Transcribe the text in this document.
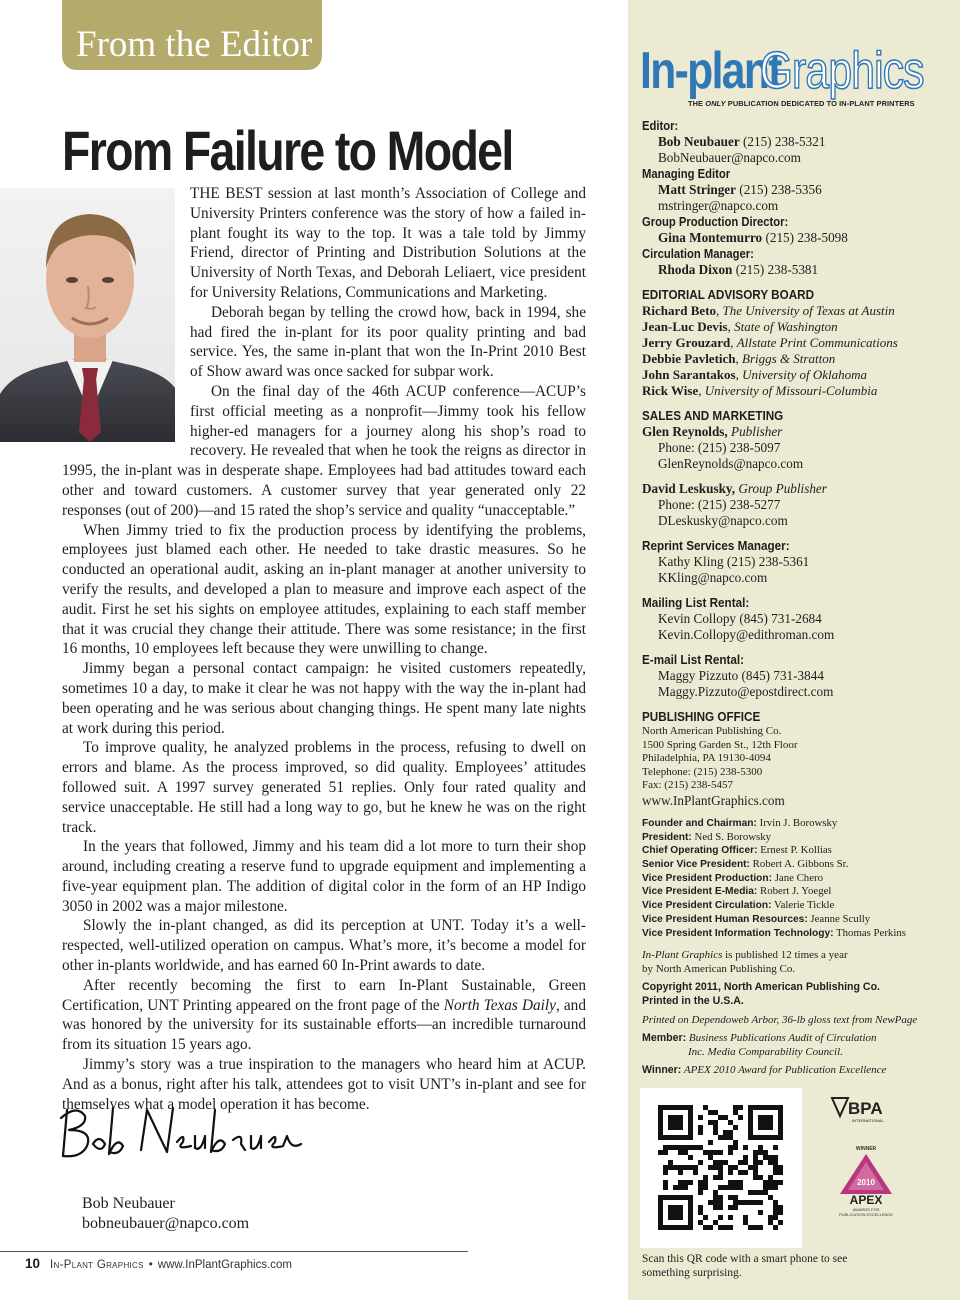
From the Editor
From Failure to Model

THE BEST session at last month’s Association of College and University Printers conference was the story of how a failed in-plant fought its way to the top. It was a tale told by Jimmy Friend, director of Printing and Distribution Solutions at the University of North Texas, and Deborah Leliaert, vice president for University Relations, Communications and Marketing.

Deborah began by telling the crowd how, back in 1994, she had fired the in-plant for its poor quality printing and bad service. Yes, the same in-plant that won the In-Print 2010 Best of Show award was once sacked for subpar work.

On the final day of the 46th ACUP conference—ACUP’s first official meeting as a nonprofit—Jimmy took his fellow higher-ed managers for a journey along his shop’s road to recovery. He revealed that when he took the reigns as director in 1995, the in-plant was in desperate shape. Employees had bad attitudes toward each other and toward customers. A customer survey that year generated only 22 responses (out of 200)—and 15 rated the shop’s service and quality “unacceptable.”

When Jimmy tried to fix the production process by identifying the problems, employees just blamed each other. He needed to take drastic measures. So he conducted an operational audit, asking an in-plant manager at another university to verify the results, and developed a plan to measure and improve each aspect of the audit. First he set his sights on employee attitudes, explaining to each staff member that it was crucial they change their attitude. There was some resistance; in the first 16 months, 10 employees left because they were unwilling to change.

Jimmy began a personal contact campaign: he visited customers repeatedly, sometimes 10 a day, to make it clear he was not happy with the way the in-plant had been operating and he was serious about changing things. He spent many late nights at work during this period.

To improve quality, he analyzed problems in the process, refusing to dwell on errors and blame. As the process improved, so did quality. Employees’ attitudes followed suit. A 1997 survey generated 51 replies. Only four rated quality and service unacceptable. He still had a long way to go, but he knew he was on the right track.

In the years that followed, Jimmy and his team did a lot more to turn their shop around, including creating a reserve fund to upgrade equipment and implementing a five-year equipment plan. The addition of digital color in the form of an HP Indigo 3050 in 2002 was a major milestone.

Slowly the in-plant changed, as did its perception at UNT. Today it’s a well-respected, well-utilized operation on campus. What’s more, it’s become a model for other in-plants worldwide, and has earned 60 In-Print awards to date.

After recently becoming the first to earn In-Plant Sustainable, Green Certification, UNT Printing appeared on the front page of the North Texas Daily, and was honored by the university for its sustainable efforts—an incredible turnaround from its situation 15 years ago.

Jimmy’s story was a true inspiration to the managers who heard him at ACUP. And as a bonus, right after his talk, attendees got to visit UNT’s in-plant and see for themselves what a model operation it has become.

Bob Neubauer
bobneubauer@napco.com
10 In-Plant Graphics • www.InPlantGraphics.com
In-plant
Graphics
THE ONLY PUBLICATION DEDICATED TO IN-PLANT PRINTERS
Editor:
Bob Neubauer (215) 238-5321
BobNeubauer@napco.com
Managing Editor
Matt Stringer (215) 238-5356
mstringer@napco.com
Group Production Director:
Gina Montemurro (215) 238-5098
Circulation Manager:
Rhoda Dixon (215) 238-5381
EDITORIAL ADVISORY BOARD
Richard Beto, The University of Texas at Austin
Jean-Luc Devis, State of Washington
Jerry Grouzard, Allstate Print Communications
Debbie Pavletich, Briggs & Stratton
John Sarantakos, University of Oklahoma
Rick Wise, University of Missouri-Columbia
SALES AND MARKETING
Glen Reynolds, Publisher
Phone: (215) 238-5097
GlenReynolds@napco.com
David Leskusky, Group Publisher
Phone: (215) 238-5277
DLeskusky@napco.com
Reprint Services Manager:
Kathy Kling (215) 238-5361
KKling@napco.com
Mailing List Rental:
Kevin Collopy (845) 731-2684
Kevin.Collopy@edithroman.com
E-mail List Rental:
Maggy Pizzuto (845) 731-3844
Maggy.Pizzuto@epostdirect.com
PUBLISHING OFFICE
North American Publishing Co.
1500 Spring Garden St., 12th Floor
Philadelphia, PA 19130-4094
Telephone: (215) 238-5300
Fax: (215) 238-5457
www.InPlantGraphics.com
Founder and Chairman: Irvin J. Borowsky
President: Ned S. Borowsky
Chief Operating Officer: Ernest P. Kollias
Senior Vice President: Robert A. Gibbons Sr.
Vice President Production: Jane Chero
Vice President E-Media: Robert J. Yoegel
Vice President Circulation: Valerie Tickle
Vice President Human Resources: Jeanne Scully
Vice President Information Technology: Thomas Perkins
In-Plant Graphics is published 12 times a year
by North American Publishing Co.
Copyright 2011, North American Publishing Co.
Printed in the U.S.A.
Printed on Dependoweb Arbor, 36-lb gloss text from NewPage
Member: Business Publications Audit of Circulation
Inc. Media Comparability Council.
Winner: APEX 2010 Award for Publication Excellence
BPA
INTERNATIONAL
WINNER
2010
APEX
AWARDS FOR
PUBLICATION EXCELLENCE
Scan this QR code with a smart phone to see something surprising.
